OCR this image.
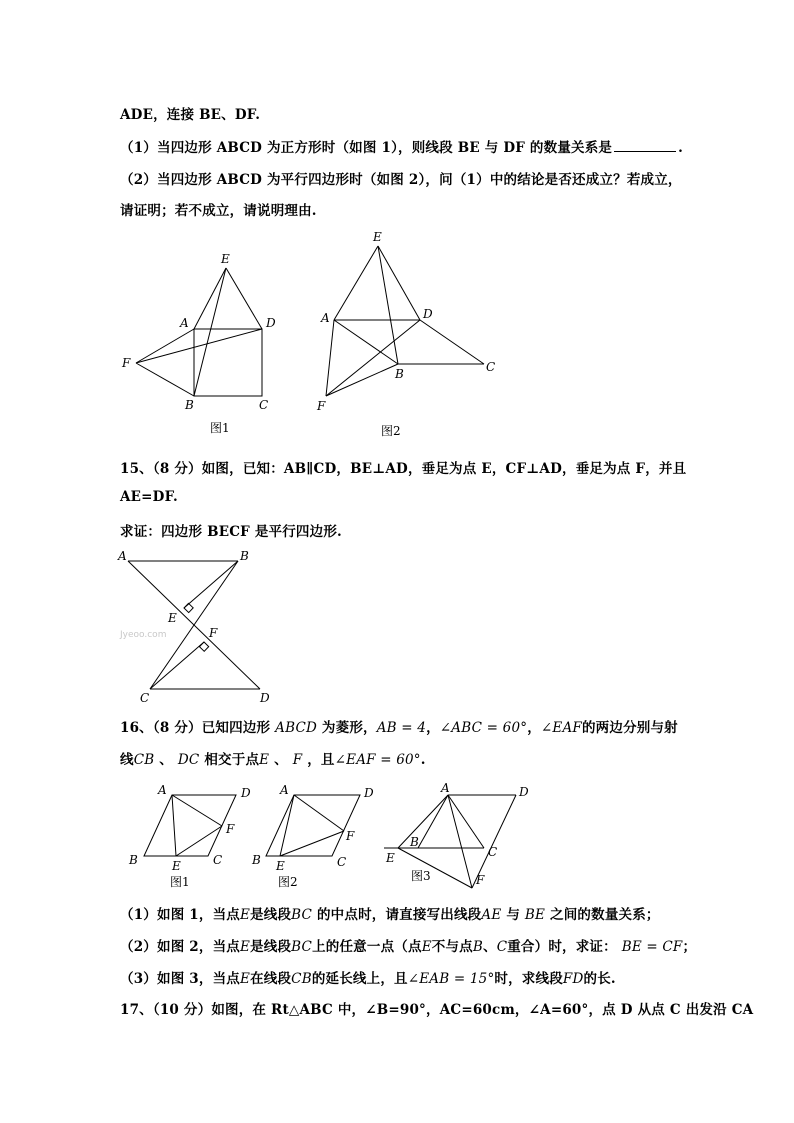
ADE，连接 BE、DF.
（1）当四边形 ABCD 为正方形时（如图 1），则线段 BE 与 DF 的数量关系是	.
（2）当四边形 ABCD 为平行四边形时（如图 2），问（1）中的结论是否还成立？若成立，
请证明；若不成立，请说明理由.
E
A	D
F
B	C
图1
E
A	D
B	C
F
图2
15、（8 分）如图，已知：AB∥CD，BE⊥AD，垂足为点 E，CF⊥AD，垂足为点 F，并且
AE=DF.
求证：四边形 BECF 是平行四边形.
A	B
E
F
C	D
Jyeoo.com
16、（8 分）已知四边形 ABCD 为菱形，AB = 4，∠ABC = 60°，∠EAF的两边分别与射
线CB 、 DC 相交于点E 、 F ，且∠EAF = 60°.
A	D
F
B	E	C
图1
A	D
F
B E	C
图2
A	D
B
C
E
F
图3
（1）如图 1，当点E是线段BC 的中点时，请直接写出线段AE 与 BE 之间的数量关系；
（2）如图 2，当点E是线段BC上的任意一点（点E不与点B、C重合）时，求证： BE = CF；
（3）如图 3，当点E在线段CB的延长线上，且∠EAB = 15°时，求线段FD的长.
17、（10 分）如图，在 Rt△ABC 中，∠B=90°，AC=60cm，∠A=60°，点 D 从点 C 出发沿 CA
